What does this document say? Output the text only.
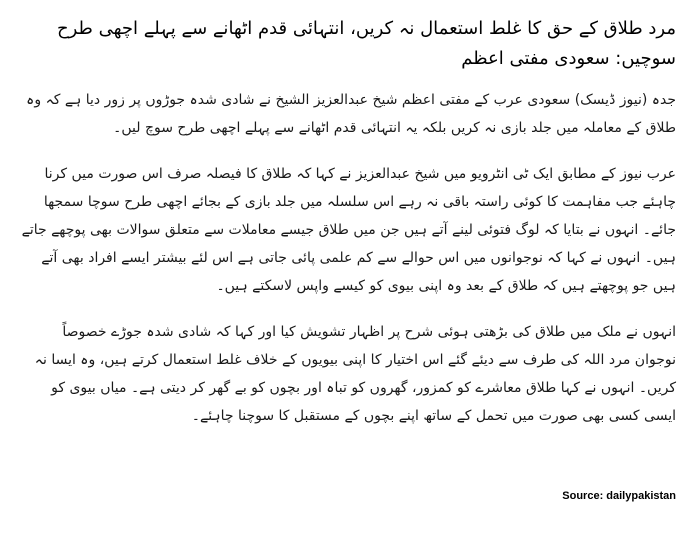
مرد طلاق کے حق کا غلط استعمال نہ کریں، انتہائی قدم اٹھانے سے پہلے اچھی طرح سوچیں: سعودی مفتی اعظم

جدہ (نیوز ڈیسک) سعودی عرب کے مفتی اعظم شیخ عبدالعزیز الشیخ نے شادی شدہ جوڑوں پر زور دیا ہے کہ وہ طلاق کے معاملہ میں جلد بازی نہ کریں بلکہ یہ انتہائی قدم اٹھانے سے پہلے اچھی طرح سوچ لیں۔

عرب نیوز کے مطابق ایک ٹی انٹرویو میں شیخ عبدالعزیز نے کہا کہ طلاق کا فیصلہ صرف اس صورت میں کرنا چاہئے جب مفاہمت کا کوئی راستہ باقی نہ رہے اس سلسلہ میں جلد بازی کے بجائے اچھی طرح سوچا سمجھا جائے۔ انہوں نے بتایا کہ لوگ فتوئی لینے آتے ہیں جن میں طلاق جیسے معاملات سے متعلق سوالات بھی پوچھے جاتے ہیں۔ انہوں نے کہا کہ نوجوانوں میں اس حوالے سے کم علمی پائی جاتی ہے اس لئے بیشتر ایسے افراد بھی آتے ہیں جو پوچھتے ہیں کہ طلاق کے بعد وہ اپنی بیوی کو کیسے واپس لاسکتے ہیں۔

انہوں نے ملک میں طلاق کی بڑھتی ہوئی شرح پر اظہار تشویش کیا اور کہا کہ شادی شدہ جوڑے خصوصاً نوجوان مرد اللہ کی طرف سے دیئے گئے اس اختیار کا اپنی بیویوں کے خلاف غلط استعمال کرتے ہیں، وہ ایسا نہ کریں۔ انہوں نے کہا طلاق معاشرے کو کمزور، گھروں کو تباہ اور بچوں کو بے گھر کر دیتی ہے۔ میاں بیوی کو ایسی کسی بھی صورت میں تحمل کے ساتھ اپنے بچوں کے مستقبل کا سوچنا چاہئے۔

Source: dailypakistan
